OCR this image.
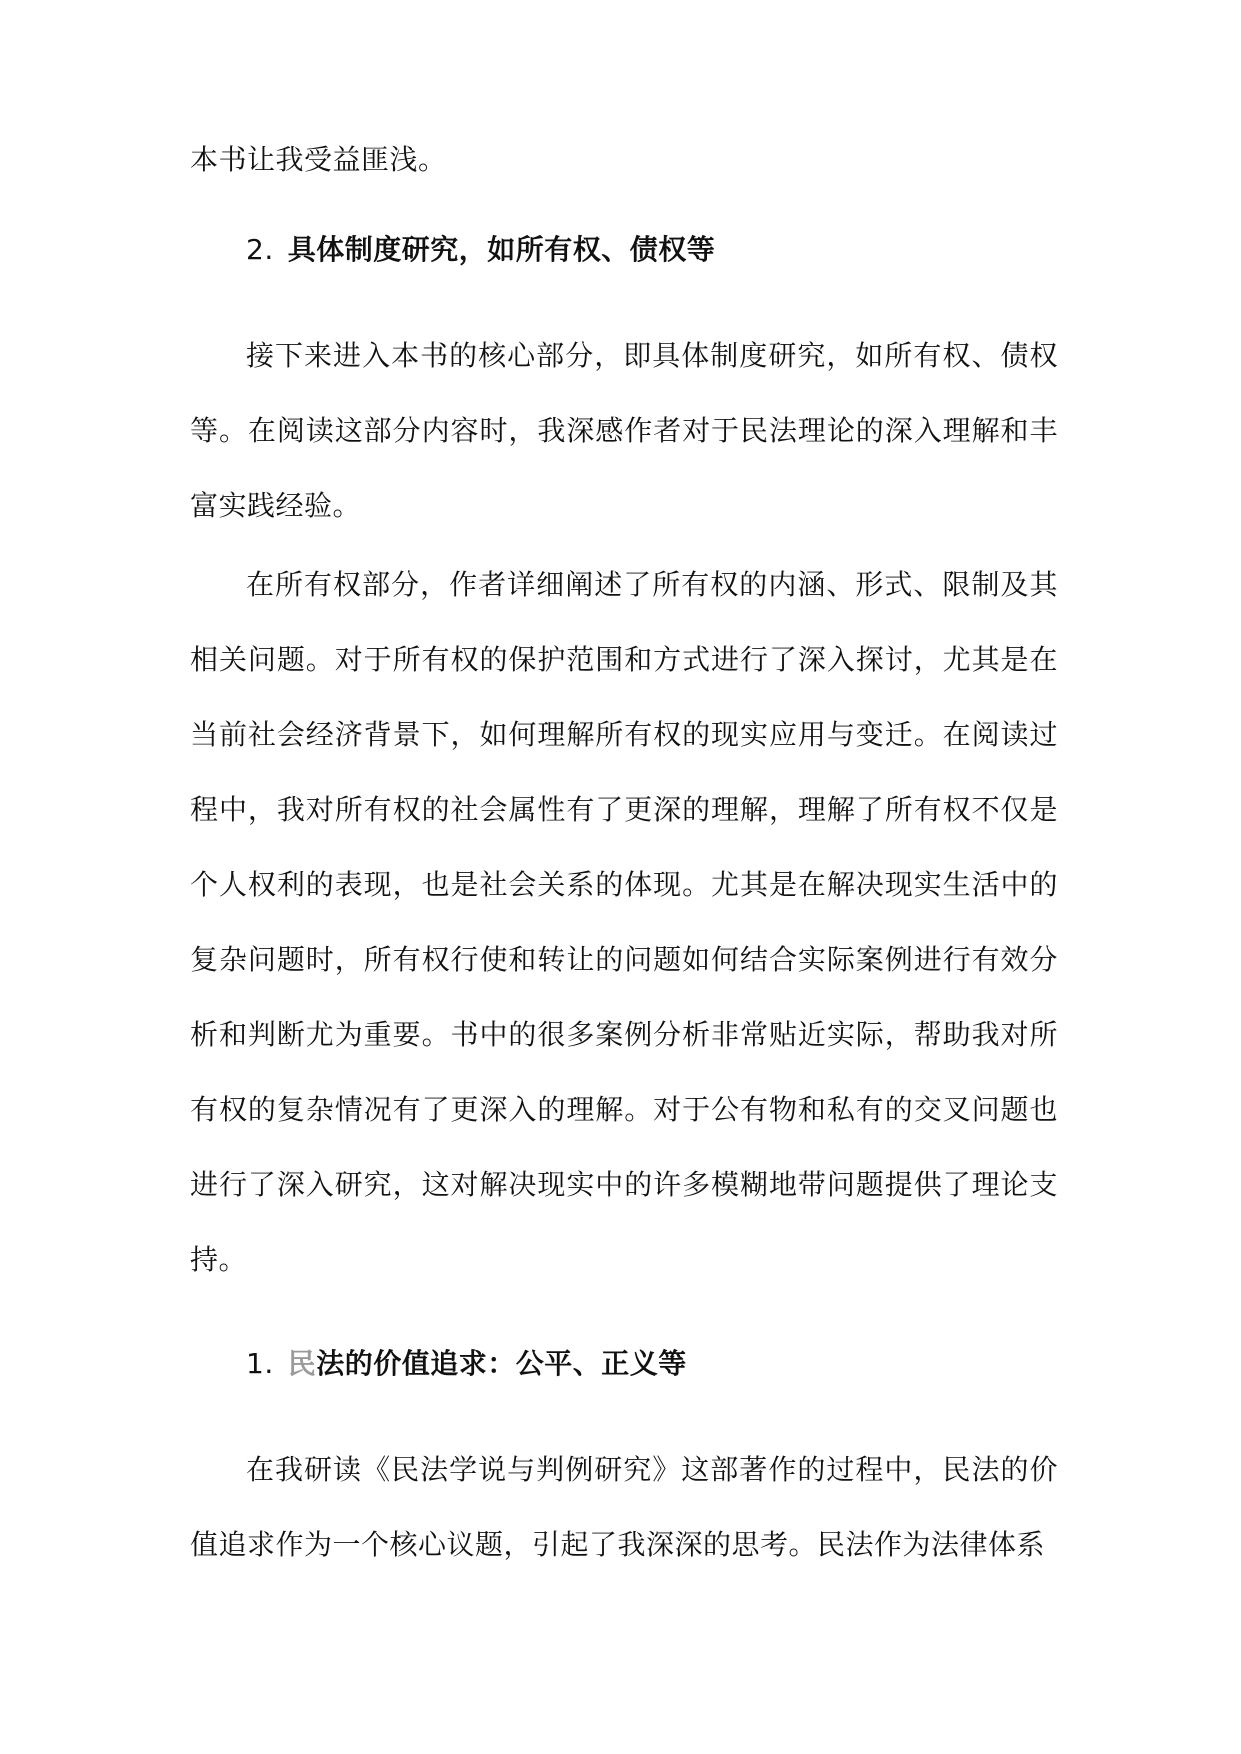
本书让我受益匪浅。

2. 具体制度研究，如所有权、债权等

接下来进入本书的核心部分，即具体制度研究，如所有权、债权等。在阅读这部分内容时，我深感作者对于民法理论的深入理解和丰富实践经验。

在所有权部分，作者详细阐述了所有权的内涵、形式、限制及其相关问题。对于所有权的保护范围和方式进行了深入探讨，尤其是在当前社会经济背景下，如何理解所有权的现实应用与变迁。在阅读过程中，我对所有权的社会属性有了更深的理解，理解了所有权不仅是个人权利的表现，也是社会关系的体现。尤其是在解决现实生活中的复杂问题时，所有权行使和转让的问题如何结合实际案例进行有效分析和判断尤为重要。书中的很多案例分析非常贴近实际，帮助我对所有权的复杂情况有了更深入的理解。对于公有物和私有的交叉问题也进行了深入研究，这对解决现实中的许多模糊地带问题提供了理论支持。

1. 民法的价值追求：公平、正义等

在我研读《民法学说与判例研究》这部著作的过程中，民法的价值追求作为一个核心议题，引起了我深深的思考。民法作为法律体系
